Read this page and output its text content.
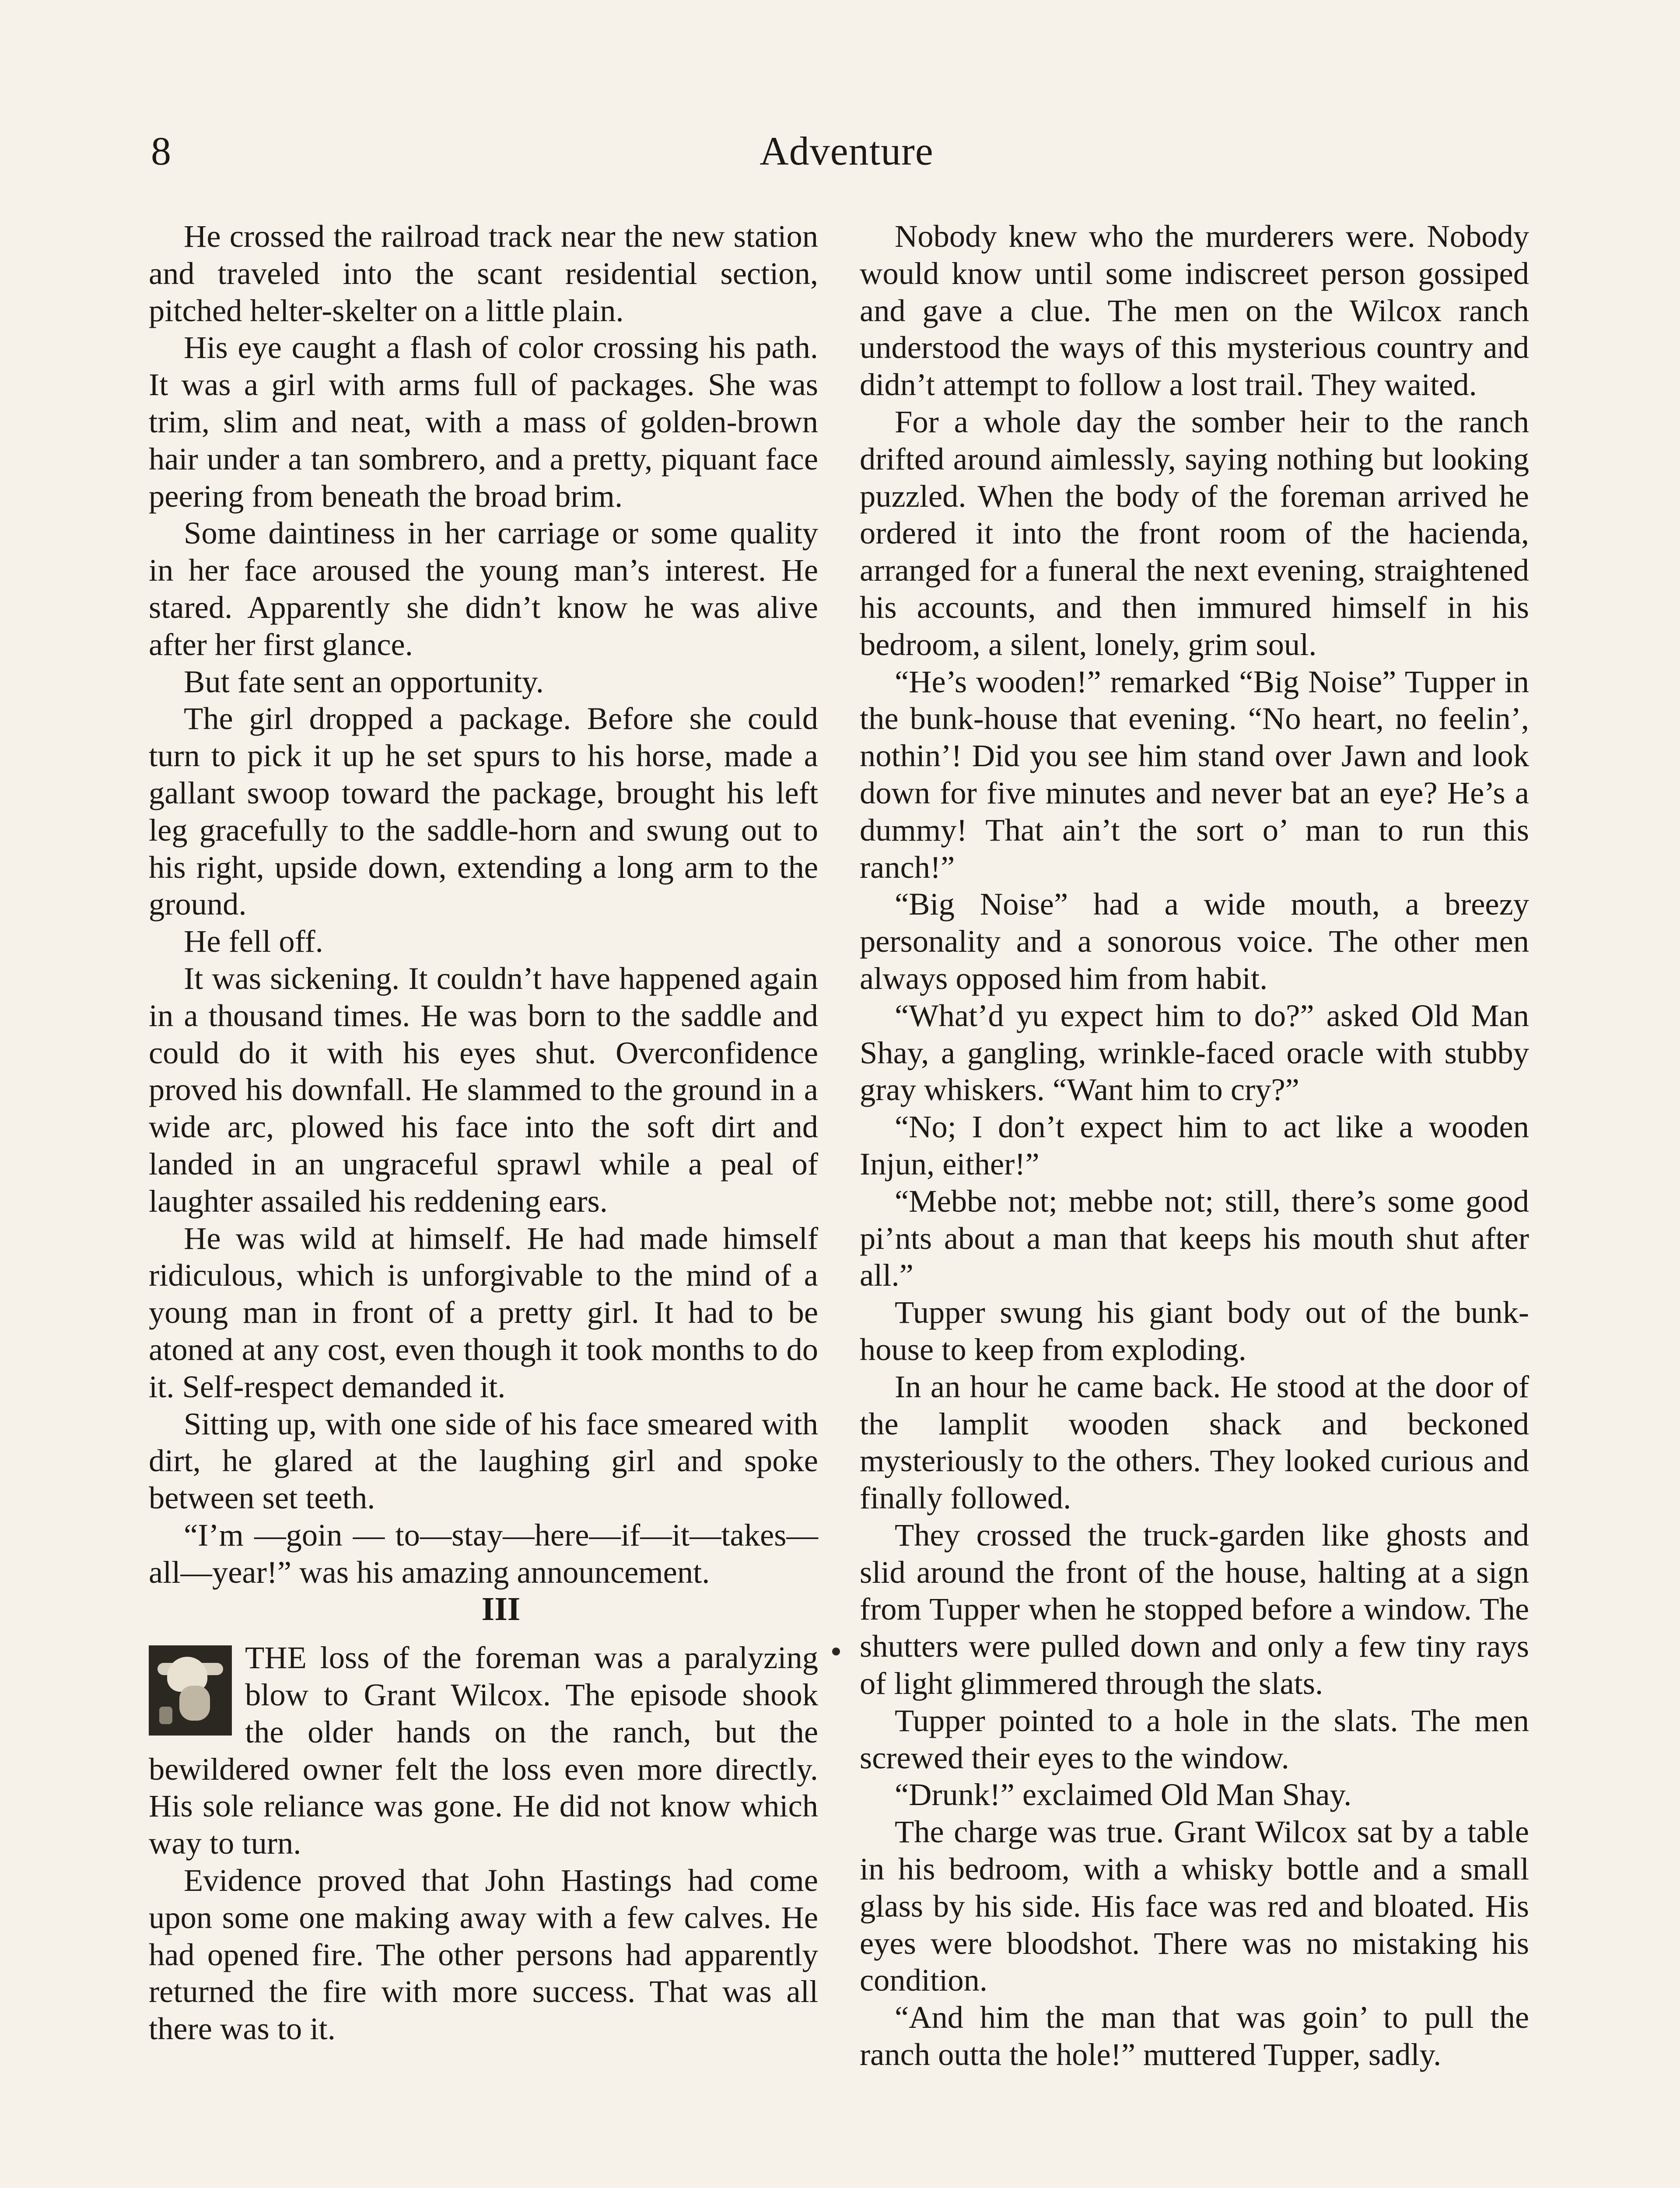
8	Adventure

He crossed the railroad track near the new station and traveled into the scant residential section, pitched helter-skelter on a little plain.

His eye caught a flash of color crossing his path. It was a girl with arms full of packages. She was trim, slim and neat, with a mass of golden-brown hair under a tan sombrero, and a pretty, piquant face peering from beneath the broad brim.

Some daintiness in her carriage or some quality in her face aroused the young man’s interest. He stared. Apparently she didn’t know he was alive after her first glance.

But fate sent an opportunity.

The girl dropped a package. Before she could turn to pick it up he set spurs to his horse, made a gallant swoop toward the package, brought his left leg gracefully to the saddle-horn and swung out to his right, upside down, extending a long arm to the ground.

He fell off.

It was sickening. It couldn’t have happened again in a thousand times. He was born to the saddle and could do it with his eyes shut. Overconfidence proved his downfall. He slammed to the ground in a wide arc, plowed his face into the soft dirt and landed in an ungraceful sprawl while a peal of laughter assailed his reddening ears.

He was wild at himself. He had made himself ridiculous, which is unforgivable to the mind of a young man in front of a pretty girl. It had to be atoned at any cost, even though it took months to do it. Self-respect demanded it.

Sitting up, with one side of his face smeared with dirt, he glared at the laughing girl and spoke between set teeth.

“I’m —goin — to—stay—here—if—it—takes—all—year!” was his amazing announcement.

III

THE loss of the foreman was a paralyzing blow to Grant Wilcox. The episode shook the older hands on the ranch, but the bewildered owner felt the loss even more directly. His sole reliance was gone. He did not know which way to turn.

Evidence proved that John Hastings had come upon some one making away with a few calves. He had opened fire. The other persons had apparently returned the fire with more success. That was all there was to it.

Nobody knew who the murderers were. Nobody would know until some indiscreet person gossiped and gave a clue. The men on the Wilcox ranch understood the ways of this mysterious country and didn’t attempt to follow a lost trail. They waited.

For a whole day the somber heir to the ranch drifted around aimlessly, saying nothing but looking puzzled. When the body of the foreman arrived he ordered it into the front room of the hacienda, arranged for a funeral the next evening, straightened his accounts, and then immured himself in his bedroom, a silent, lonely, grim soul.

“He’s wooden!” remarked “Big Noise” Tupper in the bunk-house that evening. “No heart, no feelin’, nothin’! Did you see him stand over Jawn and look down for five minutes and never bat an eye? He’s a dummy! That ain’t the sort o’ man to run this ranch!”

“Big Noise” had a wide mouth, a breezy personality and a sonorous voice. The other men always opposed him from habit.

“What’d yu expect him to do?” asked Old Man Shay, a gangling, wrinkle-faced oracle with stubby gray whiskers. “Want him to cry?”

“No; I don’t expect him to act like a wooden Injun, either!”

“Mebbe not; mebbe not; still, there’s some good pi’nts about a man that keeps his mouth shut after all.”

Tupper swung his giant body out of the bunk-house to keep from exploding.

In an hour he came back. He stood at the door of the lamplit wooden shack and beckoned mysteriously to the others. They looked curious and finally followed.

They crossed the truck-garden like ghosts and slid around the front of the house, halting at a sign from Tupper when he stopped before a window. The shutters were pulled down and only a few tiny rays of light glimmered through the slats.

Tupper pointed to a hole in the slats. The men screwed their eyes to the window.

“Drunk!” exclaimed Old Man Shay.

The charge was true. Grant Wilcox sat by a table in his bedroom, with a whisky bottle and a small glass by his side. His face was red and bloated. His eyes were bloodshot. There was no mistaking his condition.

“And him the man that was goin’ to pull the ranch outta the hole!” muttered Tupper, sadly.
